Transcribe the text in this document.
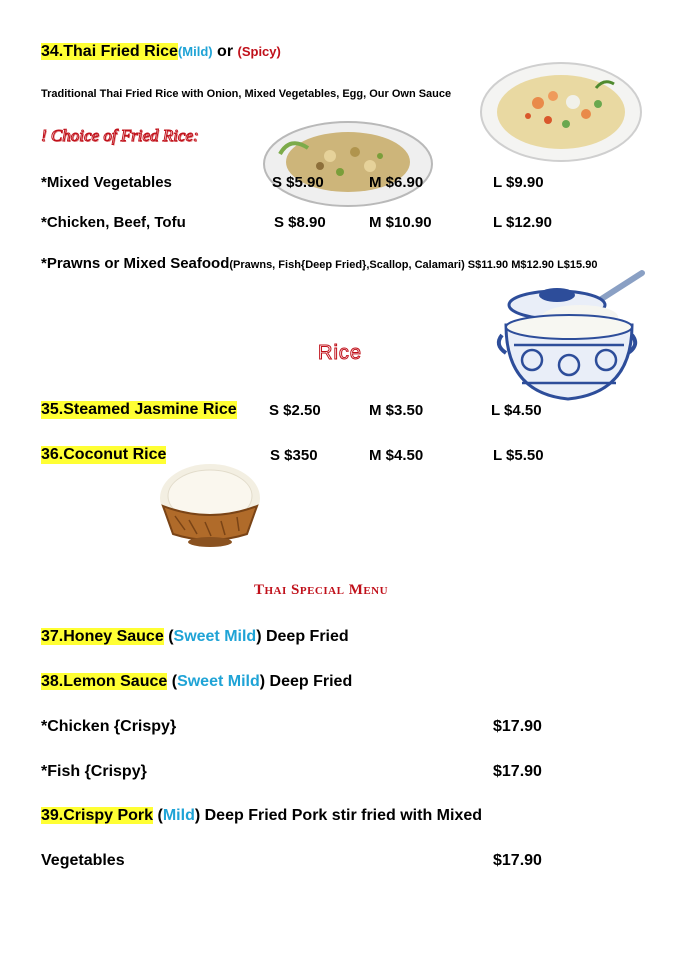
34.Thai Fried Rice(Mild) or (Spicy)
Traditional Thai Fried Rice with Onion, Mixed Vegetables, Egg, Our Own Sauce
! Choice of Fried Rice:
*Mixed Vegetables	S $5.90	M $6.90	L $9.90
*Chicken, Beef, Tofu	S $8.90	M $10.90	L $12.90
*Prawns or Mixed Seafood(Prawns, Fish{Deep Fried},Scallop, Calamari) S$11.90 M$12.90 L$15.90
Rice
35.Steamed Jasmine Rice S $2.50	M $3.50	L $4.50
36.Coconut Rice	S $350	M $4.50	L $5.50
Thai Special Menu
37.Honey Sauce (Sweet Mild) Deep Fried
38.Lemon Sauce (Sweet Mild) Deep Fried
*Chicken {Crispy}	$17.90
*Fish {Crispy}	$17.90
39.Crispy Pork (Mild) Deep Fried Pork stir fried with Mixed
Vegetables	$17.90
